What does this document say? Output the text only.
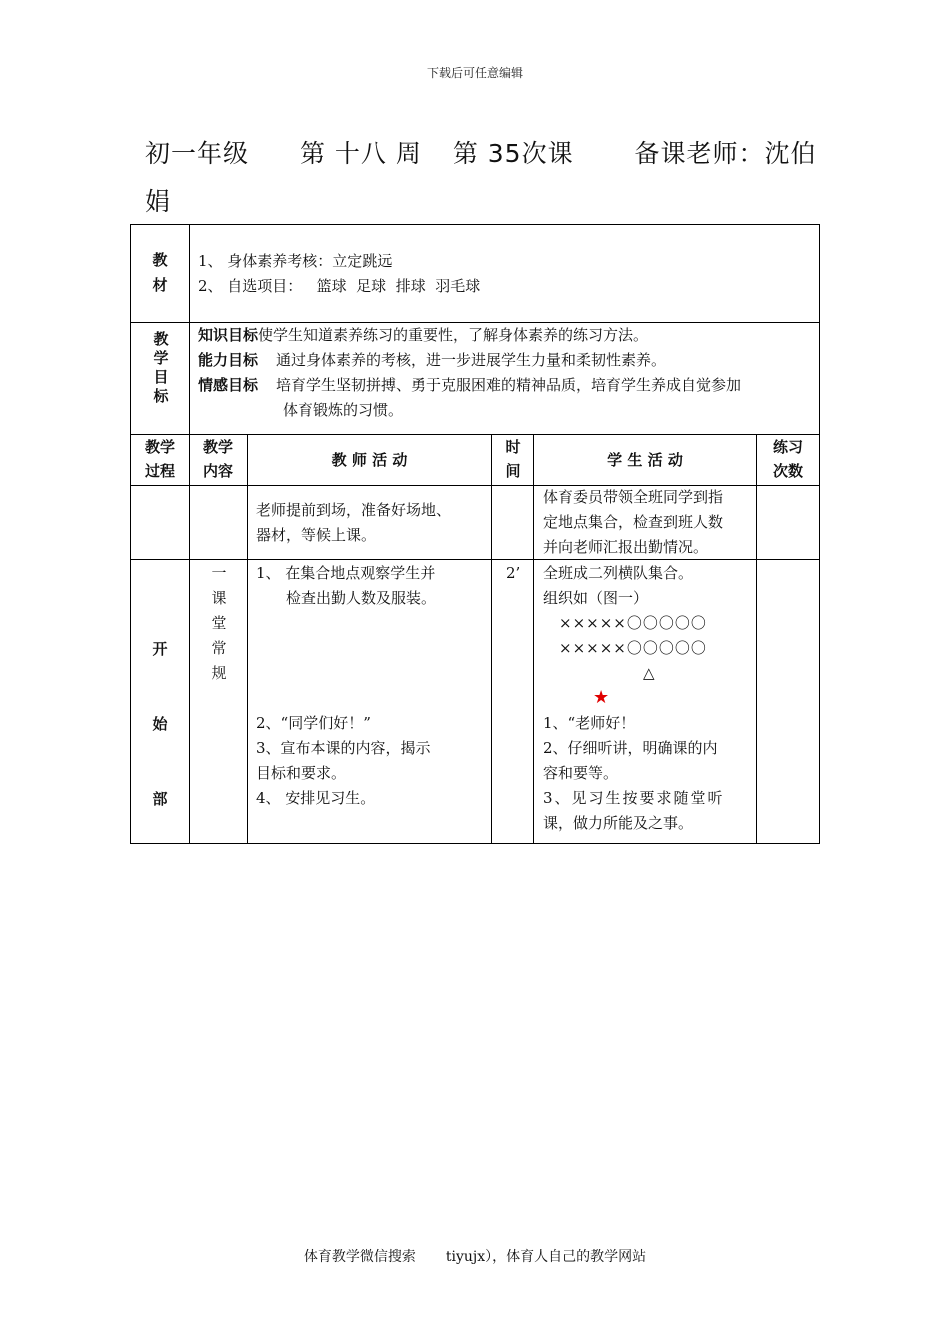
下载后可任意编辑
初一年级 第 十八 周 第 35次课 备课老师：沈伯
娟
教材
1、 身体素养考核：立定跳远
2、 自选项目：   篮球  足球  排球  羽毛球
教学目标
知识目标使学生知道素养练习的重要性，了解身体素养的练习方法。
能力目标 通过身体素养的考核，进一步进展学生力量和柔韧性素养。
情感目标 培育学生坚韧拼搏、勇于克服困难的精神品质，培育学生养成自觉参加
体育锻炼的习惯。
教学过程
教学内容
教 师 活 动
时间
学 生 活 动
练习次数
老师提前到场，准备好场地、
器材，等候上课。
体育委员带领全班同学到指
定地点集合，检查到班人数
并向老师汇报出勤情况。
开始部
一课堂常规
2’
1、 在集合地点观察学生并
检查出勤人数及服装。
2、“同学们好！”
3、宣布本课的内容，揭示
目标和要求。
4、 安排见习生。
全班成二列横队集合。
组织如（图一）
×××××〇〇〇〇〇
×××××〇〇〇〇〇
△
★
1、“老师好！
2、仔细听讲，明确课的内
容和要等。
3、见习生按要求随堂听
课，做力所能及之事。
体育教学微信搜索 tiyujx），体育人自己的教学网站
